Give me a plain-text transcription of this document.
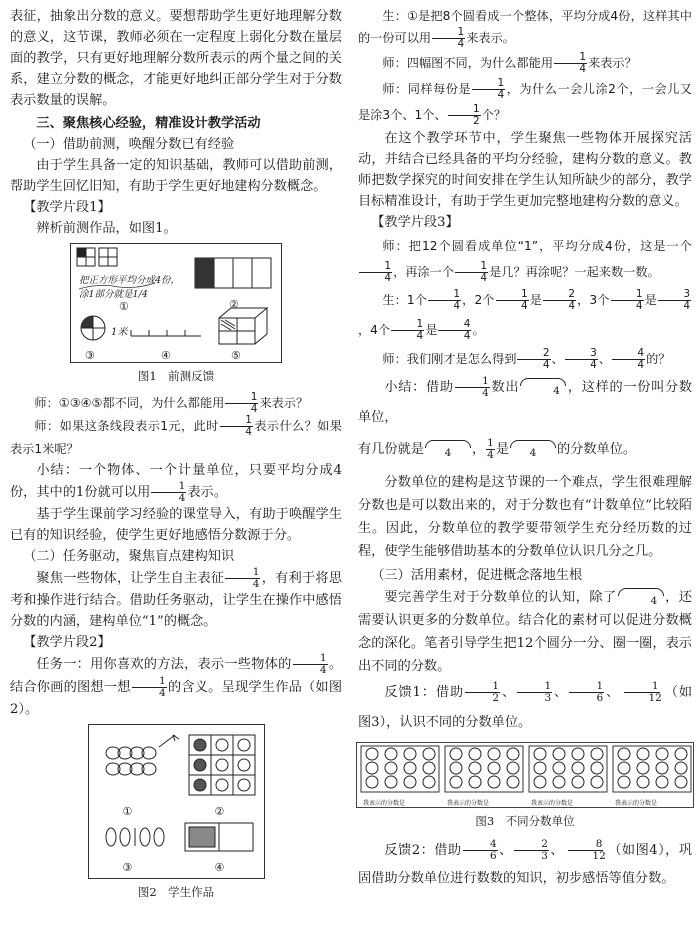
表征，抽象出分数的意义。要想帮助学生更好地理解分数的意义，这节课，教师必须在一定程度上弱化分数在量层面的教学，只有更好地理解分数所表示的两个量之间的关系，建立分数的概念，才能更好地纠正部分学生对于分数表示数量的误解。

三、聚焦核心经验，精准设计教学活动

（一）借助前测，唤醒分数已有经验

由于学生具备一定的知识基础，教师可以借助前测，帮助学生回忆旧知，有助于学生更好地建构分数概念。

【教学片段1】

辨析前测作品，如图1。

把正方形平均分成4份，
涂1部分就是1/4
1米
①	②
③	④	⑤
图1　前测反馈

师：①③④⑤都不同，为什么都能用 $\frac{1}{4}$ 来表示？

师：如果这条线段表示1元，此时 $\frac{1}{4}$ 表示什么？如果表示1米呢？

小结：一个物体、一个计量单位，只要平均分成4份，其中的1份就可以用 $\frac{1}{4}$ 表示。

基于学生课前学习经验的课堂导入，有助于唤醒学生已有的知识经验，使学生更好地感悟分数源于分。

（二）任务驱动，聚焦盲点建构知识

聚焦一些物体，让学生自主表征 $\frac{1}{4}$ ，有利于将思考和操作进行结合。借助任务驱动，让学生在操作中感悟分数的内涵，建构单位“1”的概念。

【教学片段2】

任务一：用你喜欢的方法，表示一些物体的 $\frac{1}{4}$ 。结合你画的图想一想 $\frac{1}{4}$ 的含义。呈现学生作品（如图2）。

①	②
③	④
图2　学生作品

生：①是把8个圆看成一个整体，平均分成4份，这样其中的一份可以用 $\frac{1}{4}$ 来表示。

师：四幅图不同，为什么都能用 $\frac{1}{4}$ 来表示？

师：同样每份是 $\frac{1}{4}$ ，为什么一会儿涂2个，一会儿又是涂3个、1个、 $\frac{1}{2}$ 个？

在这个教学环节中，学生聚焦一些物体开展探究活动，并结合已经具备的平均分经验，建构分数的意义。教师把数学探究的时间安排在学生认知所缺少的部分，教学目标精准设计，有助于学生更加完整地建构分数的意义。

【教学片段3】

师：把12个圆看成单位“1”，平均分成4份，这是一个
$\frac{1}{4}$ ，再涂一个 $\frac{1}{4}$ 是几？再涂呢？一起来数一数。

生：1个 $\frac{1}{4}$ ，2个 $\frac{1}{4}$ 是 $\frac{2}{4}$ ，3个 $\frac{1}{4}$ 是 $\frac{3}{4}$
，4个 $\frac{1}{4}$ 是 $\frac{4}{4}$ 。

师：我们刚才是怎么得到 $\frac{2}{4}$ 、 $\frac{3}{4}$ 、 $\frac{4}{4}$ 的？

小结：借助 $\frac{1}{4}$ 数出	4 ，这样的一份叫分数单位，

有几份就是 4 ， $\frac{1}{4}$ 是 4 的分数单位。

分数单位的建构是这节课的一个难点，学生很难理解分数也是可以数出来的，对于分数也有“计数单位”比较陌生。因此，分数单位的教学要带领学生充分经历数的过程，使学生能够借助基本的分数单位认识几分之几。

（三）活用素材，促进概念落地生根

要完善学生对于分数单位的认知，除了	4 ，还需要认识更多的分数单位。结合化的素材可以促进分数概念的深化。笔者引导学生把12个圆分一分、圈一圈，表示出不同的分数。

反馈1：借助 $\frac{1}{2}$ 、 $\frac{1}{3}$ 、 $\frac{1}{6}$ 、 $\frac{1}{12}$ （如图3），认识不同的分数单位。

我表示的分数是	我表示的分数是	我表示的分数是	我表示的分数是
图3　不同分数单位

反馈2：借助 $\frac{4}{6}$ 、 $\frac{2}{3}$ 、 $\frac{8}{12}$ （如图4），巩固借助分数单位进行数数的知识，初步感悟等值分数。
